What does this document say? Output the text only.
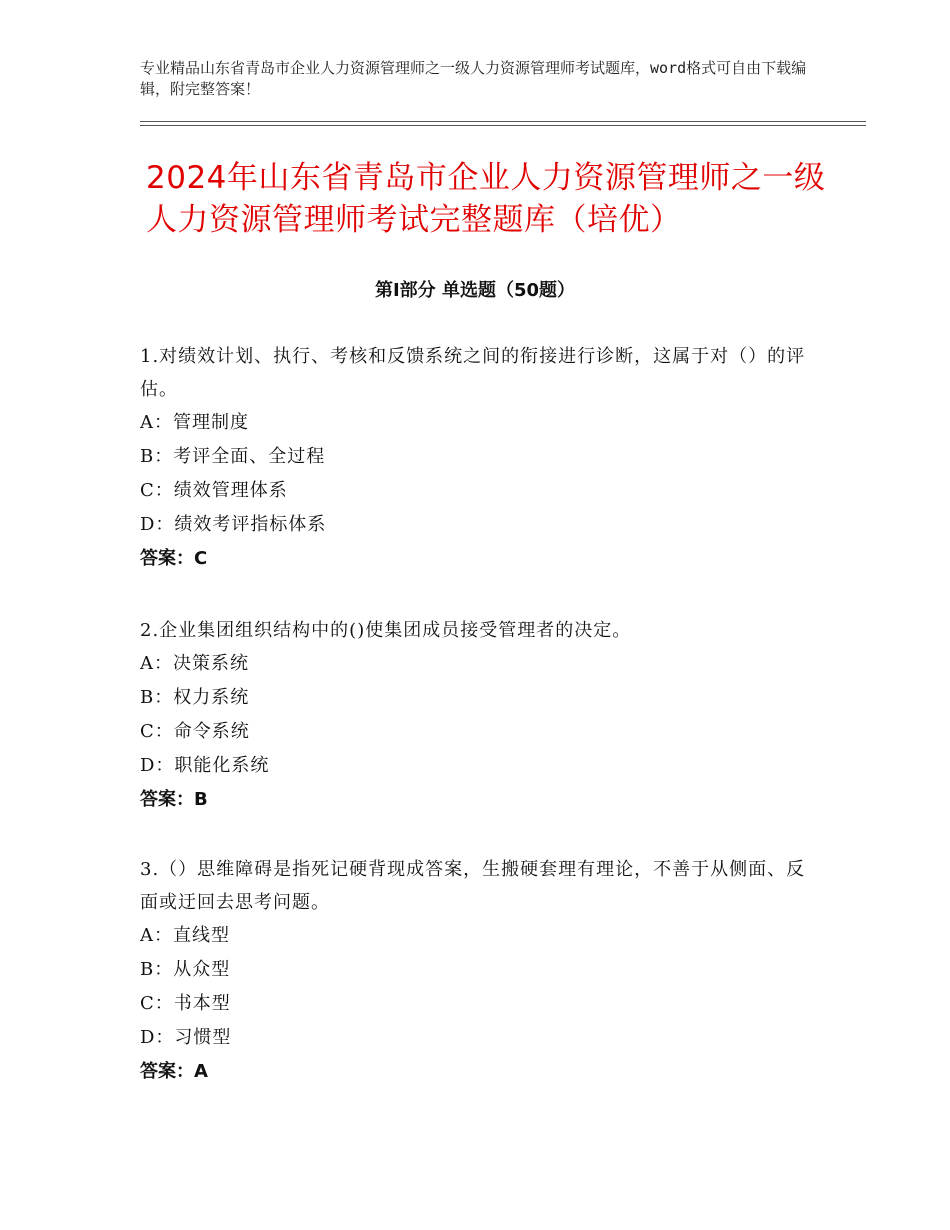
专业精品山东省青岛市企业人力资源管理师之一级人力资源管理师考试题库，word格式可自由下载编辑，附完整答案！
2024年山东省青岛市企业人力资源管理师之一级人力资源管理师考试完整题库（培优）
第Ⅰ部分 单选题（50题）
1.对绩效计划、执行、考核和反馈系统之间的衔接进行诊断，这属于对（）的评估。
A：管理制度
B：考评全面、全过程
C：绩效管理体系
D：绩效考评指标体系
答案：C
2.企业集团组织结构中的()使集团成员接受管理者的决定。
A：决策系统
B：权力系统
C：命令系统
D：职能化系统
答案：B
3.（）思维障碍是指死记硬背现成答案，生搬硬套理有理论，不善于从侧面、反面或迂回去思考问题。
A：直线型
B：从众型
C：书本型
D：习惯型
答案：A
